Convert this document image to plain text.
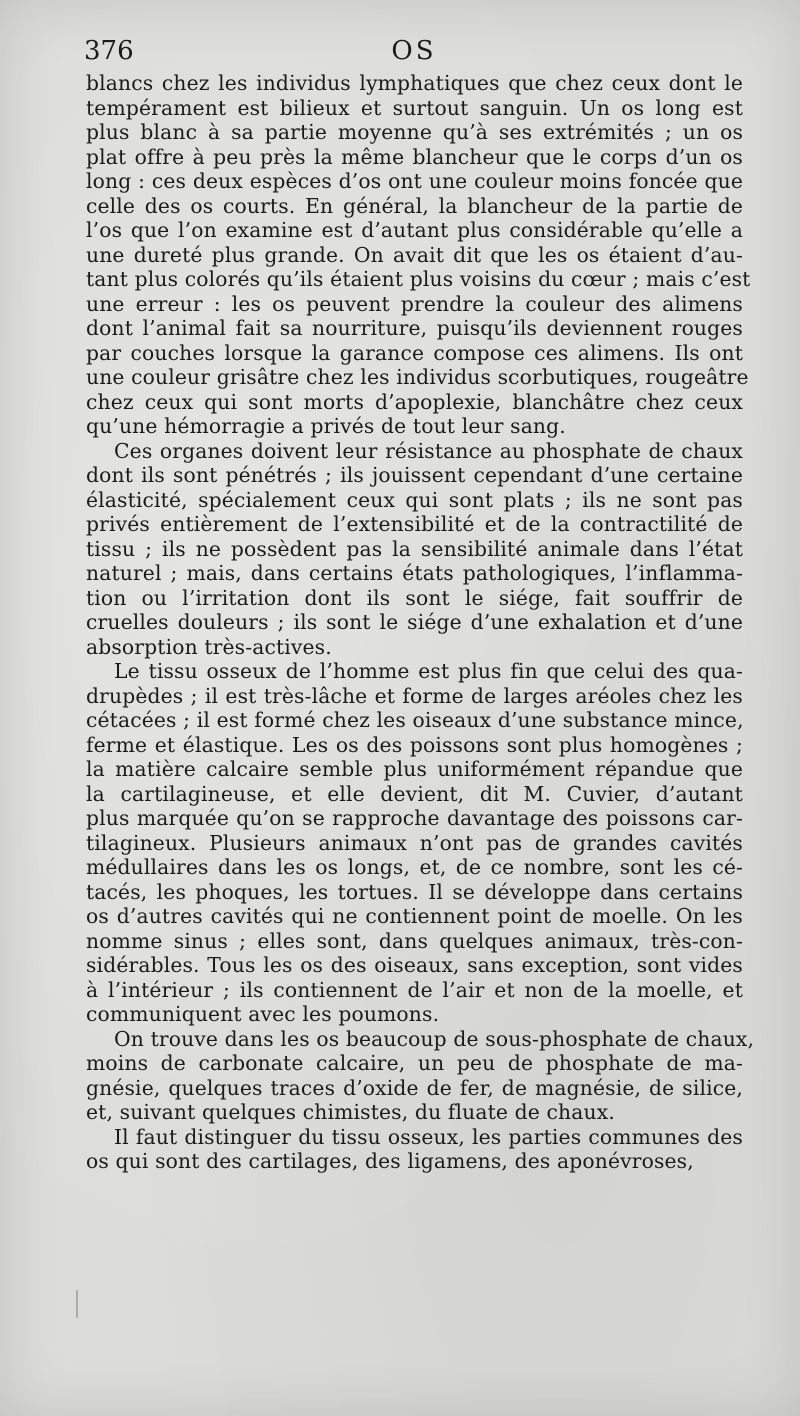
376	OS
blancs chez les individus lymphatiques que chez ceux dont le
tempérament est bilieux et surtout sanguin. Un os long est
plus blanc à sa partie moyenne qu’à ses extrémités ; un os
plat offre à peu près la même blancheur que le corps d’un os
long : ces deux espèces d’os ont une couleur moins foncée que
celle des os courts. En général, la blancheur de la partie de
l’os que l’on examine est d’autant plus considérable qu’elle a
une dureté plus grande. On avait dit que les os étaient d’au-
tant plus colorés qu’ils étaient plus voisins du cœur ; mais c’est
une erreur : les os peuvent prendre la couleur des alimens
dont l’animal fait sa nourriture, puisqu’ils deviennent rouges
par couches lorsque la garance compose ces alimens. Ils ont
une couleur grisâtre chez les individus scorbutiques, rougeâtre
chez ceux qui sont morts d’apoplexie, blanchâtre chez ceux
qu’une hémorragie a privés de tout leur sang.
Ces organes doivent leur résistance au phosphate de chaux
dont ils sont pénétrés ; ils jouissent cependant d’une certaine
élasticité, spécialement ceux qui sont plats ; ils ne sont pas
privés entièrement de l’extensibilité et de la contractilité de
tissu ; ils ne possèdent pas la sensibilité animale dans l’état
naturel ; mais, dans certains états pathologiques, l’inflamma-
tion ou l’irritation dont ils sont le siége, fait souffrir de
cruelles douleurs ; ils sont le siége d’une exhalation et d’une
absorption très-actives.
Le tissu osseux de l’homme est plus fin que celui des qua-
drupèdes ; il est très-lâche et forme de larges aréoles chez les
cétacées ; il est formé chez les oiseaux d’une substance mince,
ferme et élastique. Les os des poissons sont plus homogènes ;
la matière calcaire semble plus uniformément répandue que
la cartilagineuse, et elle devient, dit M. Cuvier, d’autant
plus marquée qu’on se rapproche davantage des poissons car-
tilagineux. Plusieurs animaux n’ont pas de grandes cavités
médullaires dans les os longs, et, de ce nombre, sont les cé-
tacés, les phoques, les tortues. Il se développe dans certains
os d’autres cavités qui ne contiennent point de moelle. On les
nomme sinus ; elles sont, dans quelques animaux, très-con-
sidérables. Tous les os des oiseaux, sans exception, sont vides
à l’intérieur ; ils contiennent de l’air et non de la moelle, et
communiquent avec les poumons.
On trouve dans les os beaucoup de sous-phosphate de chaux,
moins de carbonate calcaire, un peu de phosphate de ma-
gnésie, quelques traces d’oxide de fer, de magnésie, de silice,
et, suivant quelques chimistes, du fluate de chaux.
Il faut distinguer du tissu osseux, les parties communes des
os qui sont des cartilages, des ligamens, des aponévroses,
